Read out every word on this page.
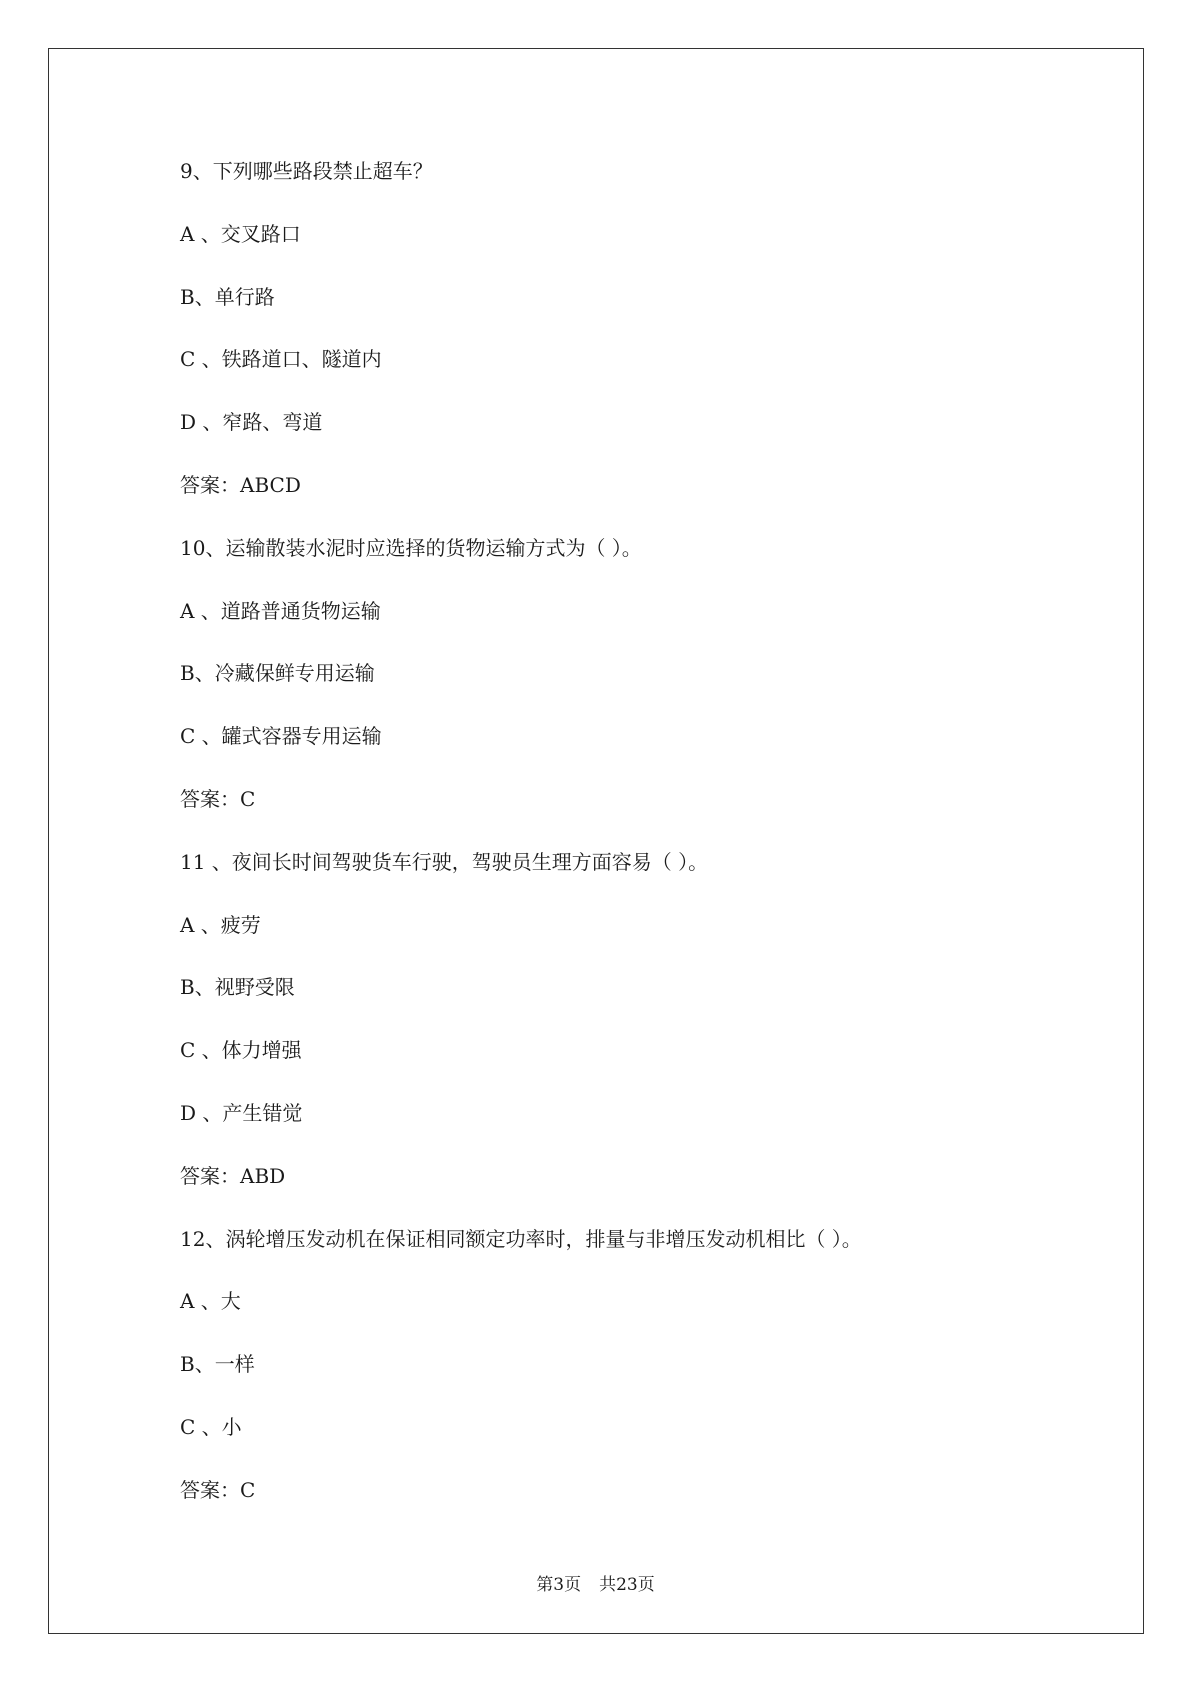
9、下列哪些路段禁止超车？
A 、交叉路口
B、单行路
C 、铁路道口、隧道内
D 、窄路、弯道
答案：ABCD
10、运输散装水泥时应选择的货物运输方式为（ ）。
A 、道路普通货物运输
B、冷藏保鲜专用运输
C 、罐式容器专用运输
答案：C
11 、夜间长时间驾驶货车行驶，驾驶员生理方面容易（ ）。
A 、疲劳
B、视野受限
C 、体力增强
D 、产生错觉
答案：ABD
12、涡轮增压发动机在保证相同额定功率时，排量与非增压发动机相比（ ）。
A 、大
B、一样
C 、小
答案：C
第3页 共23页
